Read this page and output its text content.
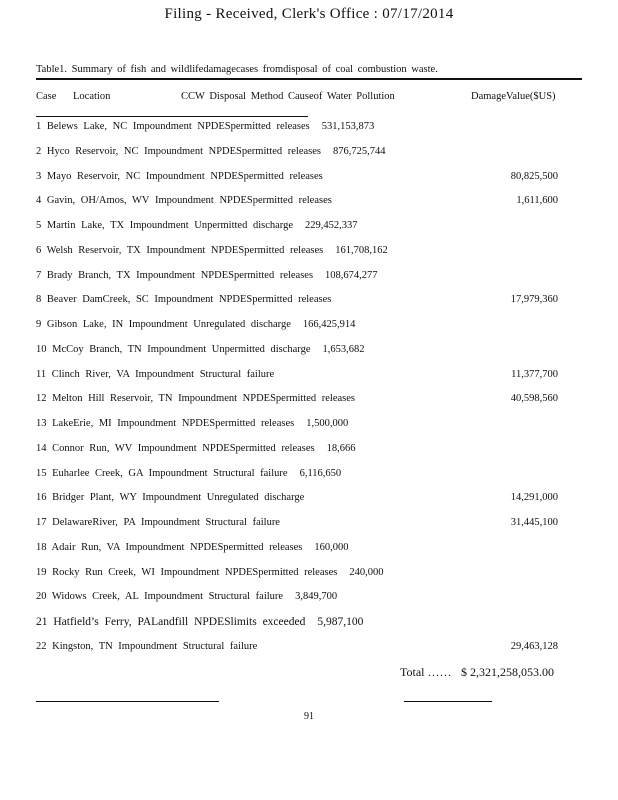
Filing - Received, Clerk's Office : 07/17/2014
Table1. Summary of fish and wildlifedamagecases fromdisposal of coal combustion waste.
Case Location	CCW Disposal Method Causeof Water Pollution	DamageValue($US)
1 Belews Lake, NC Impoundment NPDESpermitted releases 531,153,873
2 Hyco Reservoir, NC Impoundment NPDESpermitted releases 876,725,744
3 Mayo Reservoir, NC Impoundment NPDESpermitted releases	80,825,500
4 Gavin, OH/Amos, WV Impoundment NPDESpermitted releases	1,611,600
5 Martin Lake, TX Impoundment Unpermitted discharge 229,452,337
6 Welsh Reservoir, TX Impoundment NPDESpermitted releases 161,708,162
7 Brady Branch, TX Impoundment NPDESpermitted releases 108,674,277
8 Beaver DamCreek, SC Impoundment NPDESpermitted releases	17,979,360
9 Gibson Lake, IN Impoundment Unregulated discharge 166,425,914
10 McCoy Branch, TN Impoundment Unpermitted discharge 1,653,682
11 Clinch River, VA Impoundment Structural failure	11,377,700
12 Melton Hill Reservoir, TN Impoundment NPDESpermitted releases	40,598,560
13 LakeErie, MI Impoundment NPDESpermitted releases 1,500,000
14 Connor Run, WV Impoundment NPDESpermitted releases 18,666
15 Euharlee Creek, GA Impoundment Structural failure 6,116,650
16 Bridger Plant, WY Impoundment Unregulated discharge	14,291,000
17 DelawareRiver, PA Impoundment Structural failure	31,445,100
18 Adair Run, VA Impoundment NPDESpermitted releases 160,000
19 Rocky Run Creek, WI Impoundment NPDESpermitted releases 240,000
20 Widows Creek, AL Impoundment Structural failure 3,849,700
21 Hatfield’s Ferry, PALandfill NPDESlimits exceeded 5,987,100
22 Kingston, TN Impoundment Structural failure	29,463,128
Total …… $ 2,321,258,053.00
91
